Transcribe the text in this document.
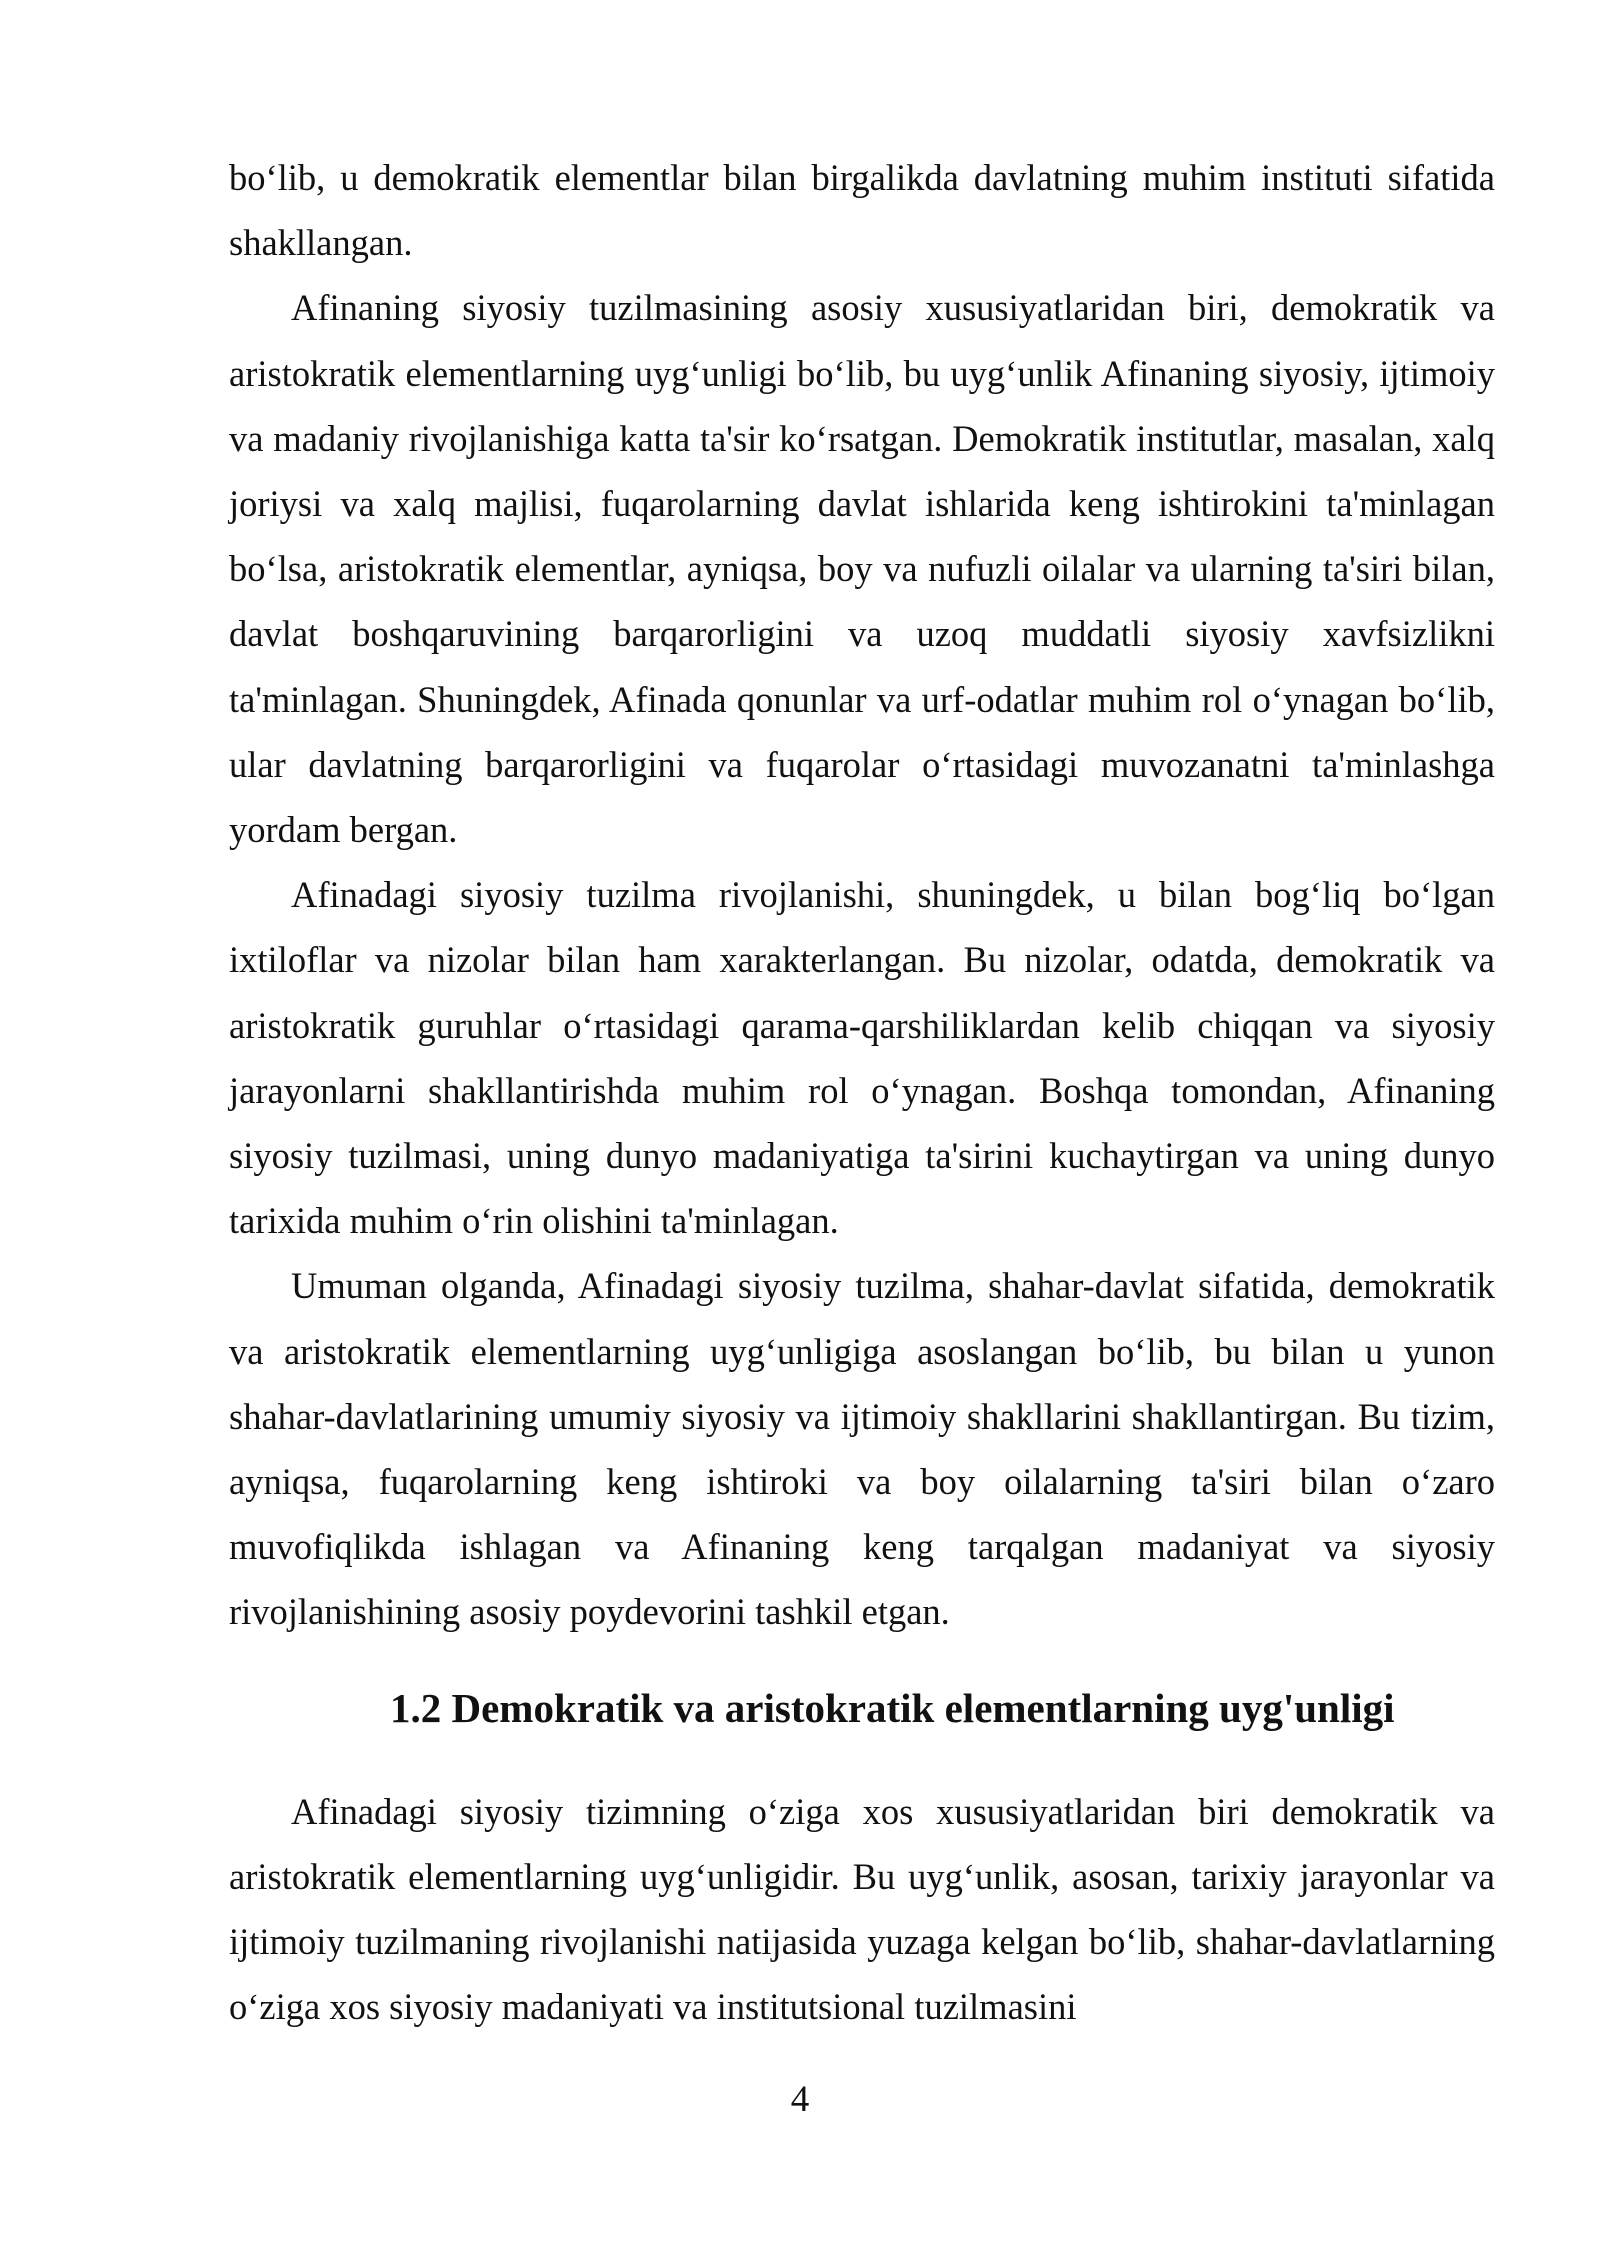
bo‘lib, u demokratik elementlar bilan birgalikda davlatning muhim instituti sifatida shakllangan.

Afinaning siyosiy tuzilmasining asosiy xususiyatlaridan biri, demokratik va aristokratik elementlarning uyg‘unligi bo‘lib, bu uyg‘unlik Afinaning siyosiy, ijtimoiy va madaniy rivojlanishiga katta ta'sir ko‘rsatgan. Demokratik institutlar, masalan, xalq joriysi va xalq majlisi, fuqarolarning davlat ishlarida keng ishtirokini ta'minlagan bo‘lsa, aristokratik elementlar, ayniqsa, boy va nufuzli oilalar va ularning ta'siri bilan, davlat boshqaruvining barqarorligini va uzoq muddatli siyosiy xavfsizlikni ta'minlagan. Shuningdek, Afinada qonunlar va urf-odatlar muhim rol o‘ynagan bo‘lib, ular davlatning barqarorligini va fuqarolar o‘rtasidagi muvozanatni ta'minlashga yordam bergan.

Afinadagi siyosiy tuzilma rivojlanishi, shuningdek, u bilan bog‘liq bo‘lgan ixtiloflar va nizolar bilan ham xarakterlangan. Bu nizolar, odatda, demokratik va aristokratik guruhlar o‘rtasidagi qarama-qarshiliklardan kelib chiqqan va siyosiy jarayonlarni shakllantirishda muhim rol o‘ynagan. Boshqa tomondan, Afinaning siyosiy tuzilmasi, uning dunyo madaniyatiga ta'sirini kuchaytirgan va uning dunyo tarixida muhim o‘rin olishini ta'minlagan.

Umuman olganda, Afinadagi siyosiy tuzilma, shahar-davlat sifatida, demokratik va aristokratik elementlarning uyg‘unligiga asoslangan bo‘lib, bu bilan u yunon shahar-davlatlarining umumiy siyosiy va ijtimoiy shakllarini shakllantirgan. Bu tizim, ayniqsa, fuqarolarning keng ishtiroki va boy oilalarning ta'siri bilan o‘zaro muvofiqlikda ishlagan va Afinaning keng tarqalgan madaniyat va siyosiy rivojlanishining asosiy poydevorini tashkil etgan.

1.2 Demokratik va aristokratik elementlarning uyg'unligi

Afinadagi siyosiy tizimning o‘ziga xos xususiyatlaridan biri demokratik va aristokratik elementlarning uyg‘unligidir. Bu uyg‘unlik, asosan, tarixiy jarayonlar va ijtimoiy tuzilmaning rivojlanishi natijasida yuzaga kelgan bo‘lib, shahar-davlatlarning o‘ziga xos siyosiy madaniyati va institutsional tuzilmasini

4
